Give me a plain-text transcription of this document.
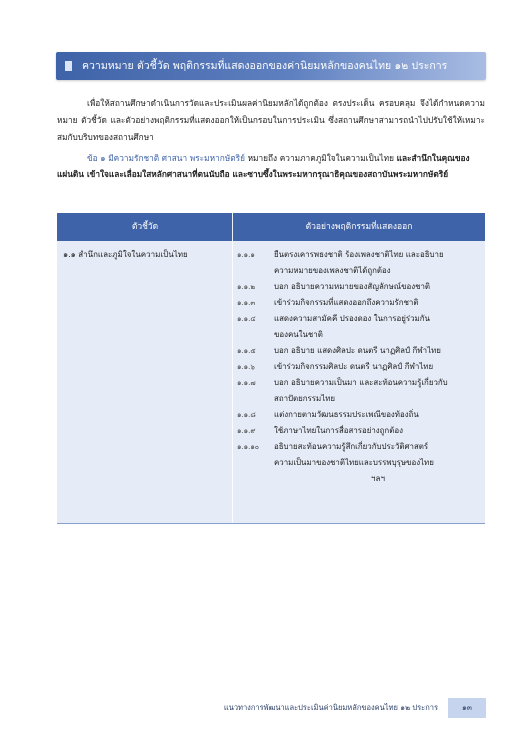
ความหมาย ตัวชี้วัด พฤติกรรมที่แสดงออกของค่านิยมหลักของคนไทย ๑๒ ประการ

เพื่อให้สถานศึกษาดำเนินการวัดและประเมินผลค่านิยมหลักได้ถูกต้อง ตรงประเด็น ครอบคลุม จึงได้กำหนดความหมาย ตัวชี้วัด และตัวอย่างพฤติกรรมที่แสดงออกให้เป็นกรอบในการประเมิน ซึ่งสถานศึกษาสามารถนำไปปรับใช้ให้เหมาะสมกับบริบทของสถานศึกษา

ข้อ ๑ มีความรักชาติ ศาสนา พระมหากษัตริย์ หมายถึง ความภาคภูมิใจในความเป็นไทย และสำนึกในคุณของแผ่นดิน เข้าใจและเลื่อมใสหลักศาสนาที่ตนนับถือ และซาบซึ้งในพระมหากรุณาธิคุณของสถาบันพระมหากษัตริย์
ตัวชี้วัด	ตัวอย่างพฤติกรรมที่แสดงออก
๑.๑ สำนึกและภูมิใจในความเป็นไทย	๑.๑.๑	ยืนตรงเคารพธงชาติ ร้องเพลงชาติไทย และอธิบาย
ความหมายของเพลงชาติได้ถูกต้อง
๑.๑.๒	บอก อธิบายความหมายของสัญลักษณ์ของชาติ
๑.๑.๓	เข้าร่วมกิจกรรมที่แสดงออกถึงความรักชาติ
๑.๑.๔	แสดงความสามัคคี ปรองดอง ในการอยู่ร่วมกัน
ของคนในชาติ
๑.๑.๕	บอก อธิบาย แสดงศิลปะ ดนตรี นาฏศิลป์ กีฬาไทย
๑.๑.๖	เข้าร่วมกิจกรรมศิลปะ ดนตรี นาฏศิลป์ กีฬาไทย
๑.๑.๗	บอก อธิบายความเป็นมา และสะท้อนความรู้เกี่ยวกับ
สถาปัตยกรรมไทย
๑.๑.๘	แต่งกายตามวัฒนธรรมประเพณีของท้องถิ่น
๑.๑.๙	ใช้ภาษาไทยในการสื่อสารอย่างถูกต้อง
๑.๑.๑๐	อธิบายสะท้อนความรู้สึกเกี่ยวกับประวัติศาสตร์
ความเป็นมาของชาติไทยและบรรพบุรุษของไทย
ฯลฯ
แนวทางการพัฒนาและประเมินค่านิยมหลักของคนไทย ๑๒ ประการ	๑๓
